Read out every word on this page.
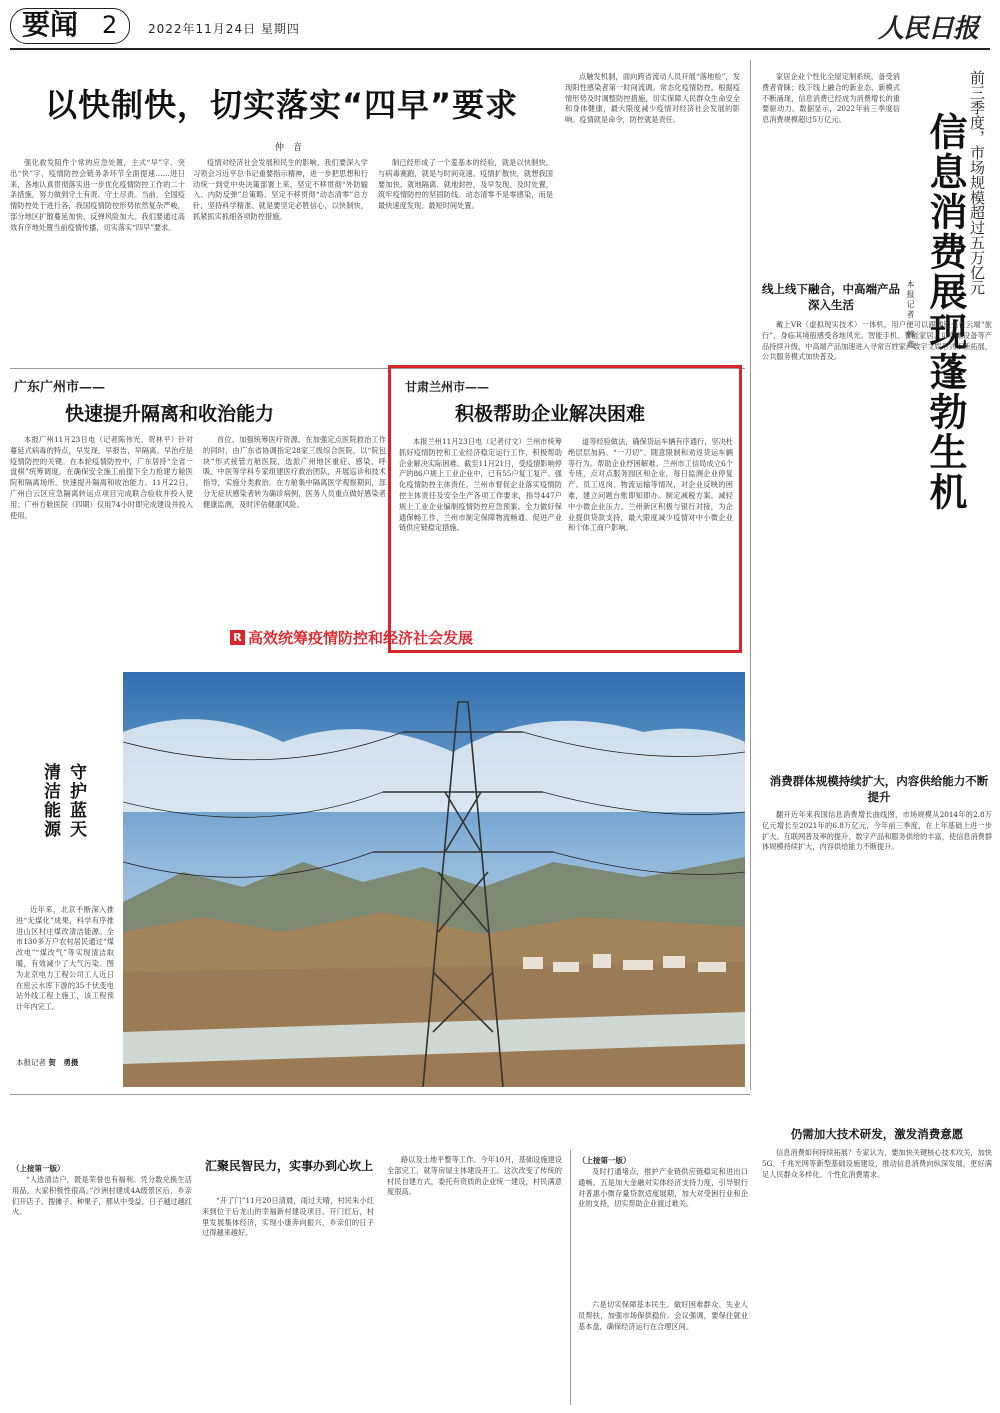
要闻 2	2022年11月24日 星期四	人民日报
以快制快，切实落实“四早”要求
仲　音

强化救发阻件个常的应急处置，主式“早”字、突出“快”字，疫情防控会链务条环节全面提速……进日来，各地认真贯彻落实进一步优化疫情防控工作的二十条措施，努力做到守土有责、守土尽责。当前，全国疫情防控处于进行各，我国疫情防控形势依然复杂严峻，部分地区扩散蔓延加快，反弹风险加大。我们要通过高效有序地处置当前疫情传播，切实落实“四早”要求。

疫情对经济社会发展和民生的影响，我们要深入学习领会习近平总书记重要指示精神，进一步把思想和行动统一到党中央决策部署上来，坚定不移贯彻“外防输入、内防反弹”总策略、坚定不移贯彻“动态清零”总方针，坚持科学精准、就是要坚定必胜信心，以快制快，抓紧抓实抓细各项防控措施。

制已经形成了一个羞基本的经验，就是以快制快。与病毒赛跑，就是与时间竞速。疫情扩散快，就想我国要加快。就地隔离、就地封控，及早发现、及时处置，筑牢疫情防控的坚固防线。动态清零不是零感染，而是最快速度发现、最短时间处置。

点触发机制，面向跨省流动人员开展“落地检”，发现阳性感染者第一时间流调。常态化疫情防控，根据疫情形势及时调整防控措施，切实保障人民群众生命安全和身体健康，最大限度减少疫情对经济社会发展的影响。疫情就是命令，防控就是责任。

广东广州市——
快速提升隔离和收治能力

本报广州11月23日电（记者陈伟光、贺林平）针对蔓延式病毒的特点，早发现，早报告，早隔离、早治疗是疫情防控的关键。在本轮疫情防控中，广东居持“全省一盘棋”统筹调度，在确保安全施工前提下全力抢建方舱医院和隔离场所，快速提升隔离和收治能力。11月22日，广州白云区应急隔离转运点项目完成联合验收并投入使用；广州方舱医院（四期）仅用74小时即完成建设并投入使用。

首位、加强统筹医疗资源。在加强定点医院救治工作的同时，由广东省协调指定28家三级综合医院，以“院包块”形式接管方舱医院，选派广州地区重症、感染、呼吸、中医等学科专家组建医疗救治团队，开展巡诊和技术指导，实施分类救治。在方舱集中隔离医学观察期间，部分无症状感染者转为确诊病例，医务人员重点做好感染者健康监测，及时评估健康风险。

甘肃兰州市——
积极帮助企业解决困难

本报兰州11月23日电（记者付文）兰州市统筹抓好疫情防控和工业经济稳定运行工作，积极帮助企业解决实际困难。截至11月21日，受疫情影响停产的86户规上工业企业中，已有55户复工复产。强化疫情防控主体责任。兰州市督促企业落实疫情防控主体责任及安全生产各项工作要求，指导447户规上工业企业编制疫情防控应急预案。全力做好保通保畅工作，兰州市制定保障物流畅通、促进产业链供应链稳定措施。

道等经验做法，确保货运车辆有序通行，坚决杜绝层层加码、“一刀切”、随意限制和劝返货运车辆等行为。帮助企业纾困解难。兰州市工信局成立6个专班，点对点服务园区和企业，每日监测企业停复产、员工返岗、物流运输等情况，对企业反映的困难，建立问题台账即知即办。制定减税方案，减轻中小微企业压力。兰州新区积极与银行对接，为企业提供贷款支持，最大限度减少疫情对中小微企业和个体工商户影响。

R 高效统筹疫情防控和经济社会发展
守护蓝天
清洁能源

近年来，北京不断深入推进“无煤化”成果，科学有序推进山区村庄煤改清洁能源。全市130多万户农村居民通过“煤改电”“煤改气”等实现清洁取暖，有效减少了大气污染。图为北京电力工程公司工人近日在密云水库下游的35千伏变电站外线工程上施工，该工程预计年内完工。

本报记者 贺　勇摄

家居企业个性化全屋定制系统，备受消费者青睐；线下线上融合的新业态、新模式不断涌现，信息消费已经成为消费增长的重要驱动力。数据显示，2022年前三季度信息消费规模超过5万亿元。	前三季度，市场规模超过五万亿元
信息消费展现蓬勃生机
本报记者　韩鑫
线上线下融合，中高端产品深入生活

戴上VR（虚拟现实技术）一体机，用户便可以跟随镜头在云端“旅行”，身临其境般感受各地风光。智能手机、智能家居、可穿戴设备等产品持续升级，中高端产品加速进入寻常百姓家。数字文娱形式不断拓展，公共服务模式加快普及。

消费群体规模持续扩大，内容供给能力不断提升

翻开近年来我国信息消费增长曲线图，市场规模从2014年的2.8万亿元增长至2021年的6.8万亿元，今年前三季度，在上年基础上进一步扩大。互联网普及率的提升、数字产品和服务供给的丰富，使信息消费群体规模持续扩大，内容供给能力不断提升。

仍需加大技术研发，激发消费意愿

信息消费如何持续拓展？专家认为，要加快关键核心技术攻关，加快5G、千兆光网等新型基础设施建设，推动信息消费向纵深发展，更好满足人民群众多样化、个性化消费需求。

（上接第一版）

“人选清洁户，既是荣誉也有福利。凭分数兑换生活用品，大家积极性很高。”沙洲村建成4A级景区后，乡亲们开店子、搜摊子、种果子，都从中受益，日子越过越红火。

汇聚民智民力，实事办到心坎上

“开了门”11月20日清晨，雨过天晴，村民朱小红来到位于后龙山的幸福新村建设项目。开门红后，村里发展集体经济，实现小康奔向振兴，乡亲们的日子过得越来越好。

路以及土地平整等工作。今年10月，基础设施建设全部完工，就等房屋主体建设开工。这次改变了传统的村民自建方式，委托有资质的企业统一建设，村民满意度很高。

（上接第一版）

及时打通堵点，推护产业链供应链稳定和进出口通畅。五是加大金融对实体经济支持力度，引导银行对普惠小微存量贷款适度展期，加大对受困行业和企业的支持，切实帮助企业渡过难关。

六是切实保障基本民生。做好困难群众、失业人员帮扶，加强市场保供稳价。会议强调，要保住就业基本盘，确保经济运行在合理区间。
